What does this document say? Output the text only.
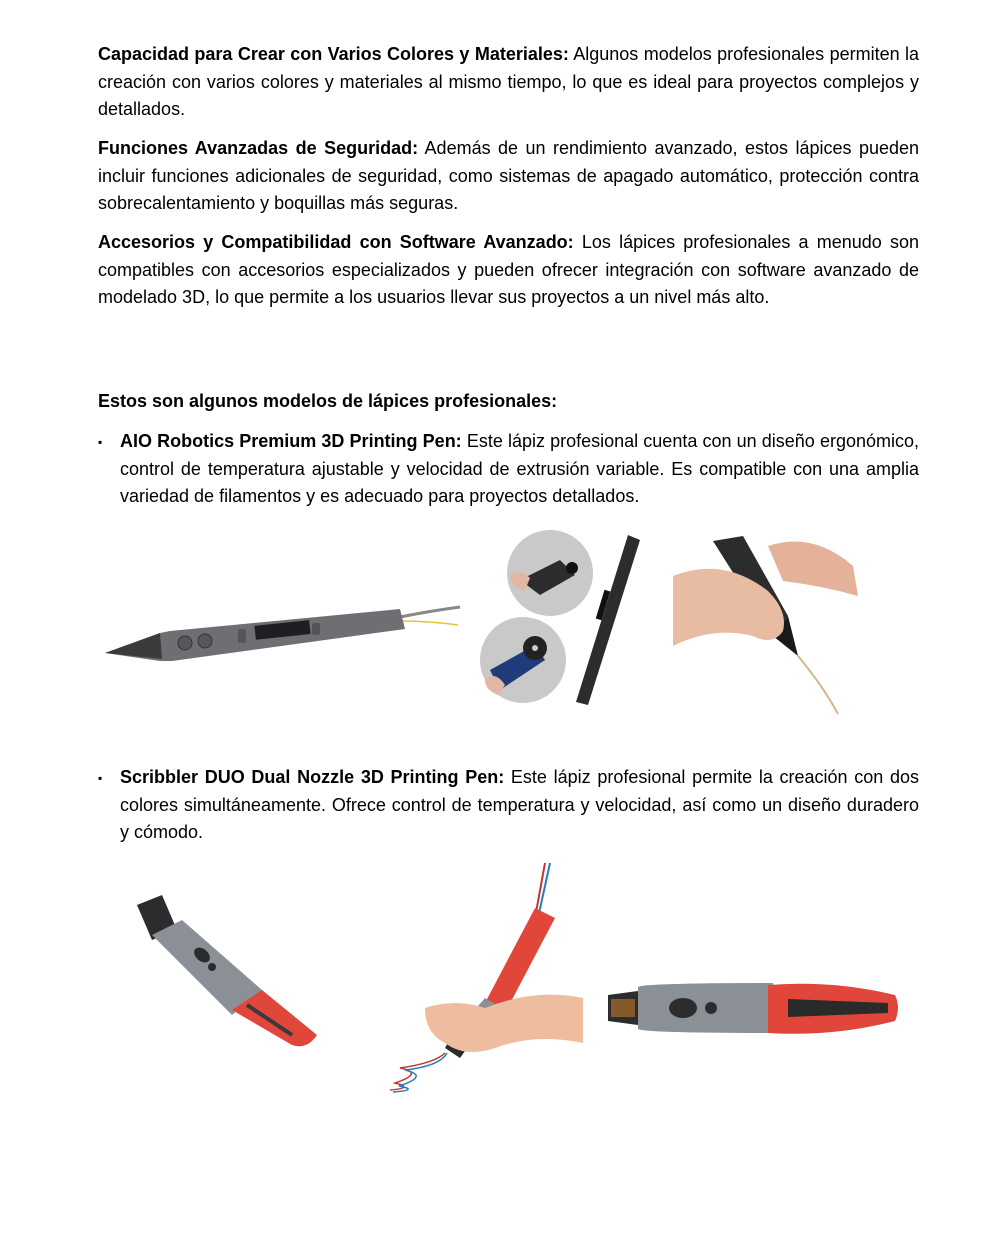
Capacidad para Crear con Varios Colores y Materiales: Algunos modelos profesionales permiten la creación con varios colores y materiales al mismo tiempo, lo que es ideal para proyectos complejos y detallados.

Funciones Avanzadas de Seguridad: Además de un rendimiento avanzado, estos lápices pueden incluir funciones adicionales de seguridad, como sistemas de apagado automático, protección contra sobrecalentamiento y boquillas más seguras.

Accesorios y Compatibilidad con Software Avanzado: Los lápices profesionales a menudo son compatibles con accesorios especializados y pueden ofrecer integración con software avanzado de modelado 3D, lo que permite a los usuarios llevar sus proyectos a un nivel más alto.

Estos son algunos modelos de lápices profesionales:

▪ AIO Robotics Premium 3D Printing Pen: Este lápiz profesional cuenta con un diseño ergonómico, control de temperatura ajustable y velocidad de extrusión variable. Es compatible con una amplia variedad de filamentos y es adecuado para proyectos detallados.

▪ Scribbler DUO Dual Nozzle 3D Printing Pen: Este lápiz profesional permite la creación con dos colores simultáneamente. Ofrece control de temperatura y velocidad, así como un diseño duradero y cómodo.
